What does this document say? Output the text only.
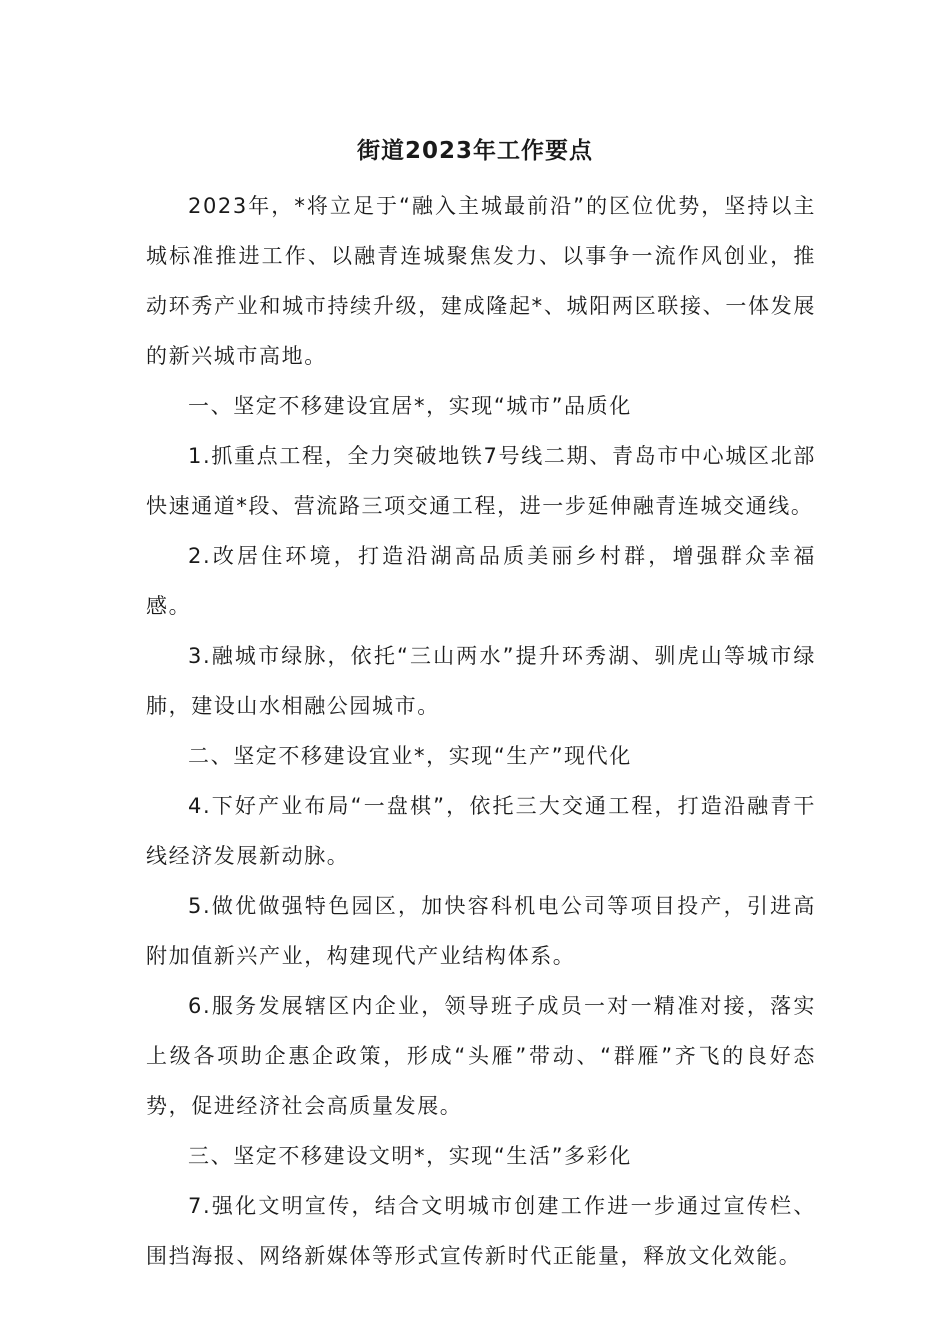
街道2023年工作要点

2023年，*将立足于“融入主城最前沿”的区位优势，坚持以主城标准推进工作、以融青连城聚焦发力、以事争一流作风创业，推动环秀产业和城市持续升级，建成隆起*、城阳两区联接、一体发展的新兴城市高地。

一、坚定不移建设宜居*，实现“城市”品质化

1.抓重点工程，全力突破地铁7号线二期、青岛市中心城区北部快速通道*段、营流路三项交通工程，进一步延伸融青连城交通线。

2.改居住环境，打造沿湖高品质美丽乡村群，增强群众幸福感。

3.融城市绿脉，依托“三山两水”提升环秀湖、驯虎山等城市绿肺，建设山水相融公园城市。

二、坚定不移建设宜业*，实现“生产”现代化

4.下好产业布局“一盘棋”，依托三大交通工程，打造沿融青干线经济发展新动脉。

5.做优做强特色园区，加快容科机电公司等项目投产，引进高附加值新兴产业，构建现代产业结构体系。

6.服务发展辖区内企业，领导班子成员一对一精准对接，落实上级各项助企惠企政策，形成“头雁”带动、“群雁”齐飞的良好态势，促进经济社会高质量发展。

三、坚定不移建设文明*，实现“生活”多彩化

7.强化文明宣传，结合文明城市创建工作进一步通过宣传栏、围挡海报、网络新媒体等形式宣传新时代正能量，释放文化效能。
